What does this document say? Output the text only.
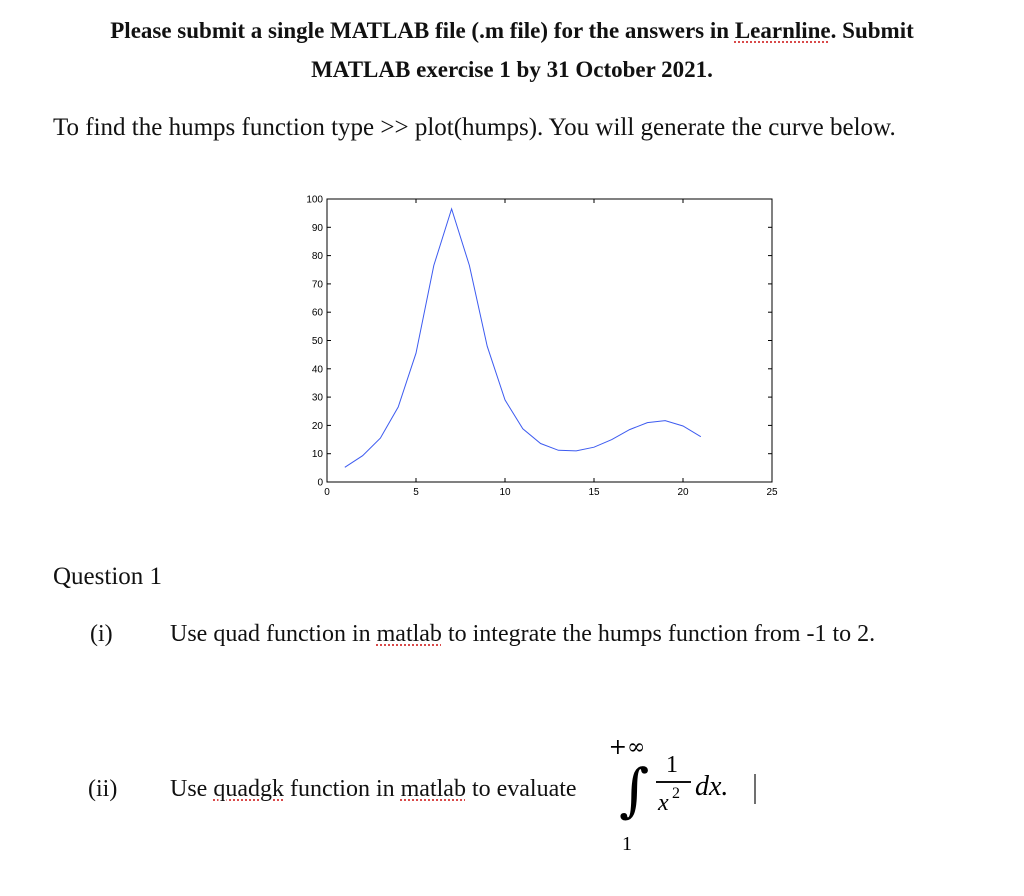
Please submit a single MATLAB file (.m file) for the answers in Learnline. Submit
MATLAB exercise 1 by 31 October 2021.
To find the humps function type >> plot(humps). You will generate the curve below.
0
10
20
30
40
50
60
70
80
90
100
0	5	10	15	20	25
Question 1
(i) Use quad function in matlab to integrate the humps function from -1 to 2.
(ii) Use quadgk function in matlab to evaluate
+∞
∫
1
1
x 2 dx.
